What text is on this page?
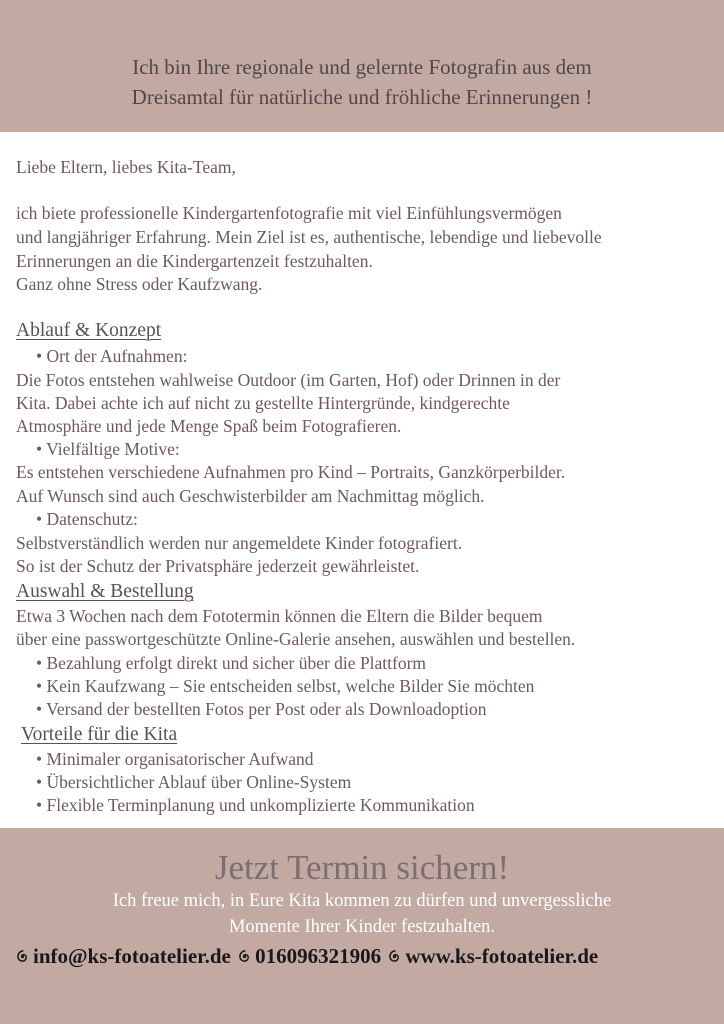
Ich bin Ihre regionale und gelernte Fotografin aus dem
Dreisamtal für natürliche und fröhliche Erinnerungen !
Liebe Eltern, liebes Kita-Team,
ich biete professionelle Kindergartenfotografie mit viel Einfühlungsvermögen
und langjähriger Erfahrung. Mein Ziel ist es, authentische, lebendige und liebevolle
Erinnerungen an die Kindergartenzeit festzuhalten.
Ganz ohne Stress oder Kaufzwang.
Ablauf & Konzept
• Ort der Aufnahmen:
Die Fotos entstehen wahlweise Outdoor (im Garten, Hof) oder Drinnen in der
Kita. Dabei achte ich auf nicht zu gestellte Hintergründe, kindgerechte
Atmosphäre und jede Menge Spaß beim Fotografieren.
• Vielfältige Motive:
Es entstehen verschiedene Aufnahmen pro Kind – Portraits, Ganzkörperbilder.
Auf Wunsch sind auch Geschwisterbilder am Nachmittag möglich.
• Datenschutz:
Selbstverständlich werden nur angemeldete Kinder fotografiert.
So ist der Schutz der Privatsphäre jederzeit gewährleistet.
Auswahl & Bestellung
Etwa 3 Wochen nach dem Fototermin können die Eltern die Bilder bequem
über eine passwortgeschützte Online-Galerie ansehen, auswählen und bestellen.
• Bezahlung erfolgt direkt und sicher über die Plattform
• Kein Kaufzwang – Sie entscheiden selbst, welche Bilder Sie möchten
• Versand der bestellten Fotos per Post oder als Downloadoption
Vorteile für die Kita
• Minimaler organisatorischer Aufwand
• Übersichtlicher Ablauf über Online-System
• Flexible Terminplanung und unkomplizierte Kommunikation
Jetzt Termin sichern!
Ich freue mich, in Eure Kita kommen zu dürfen und unvergessliche
Momente Ihrer Kinder festzuhalten.
info@ks-fotoatelier.de 016096321906 www.ks-fotoatelier.de
